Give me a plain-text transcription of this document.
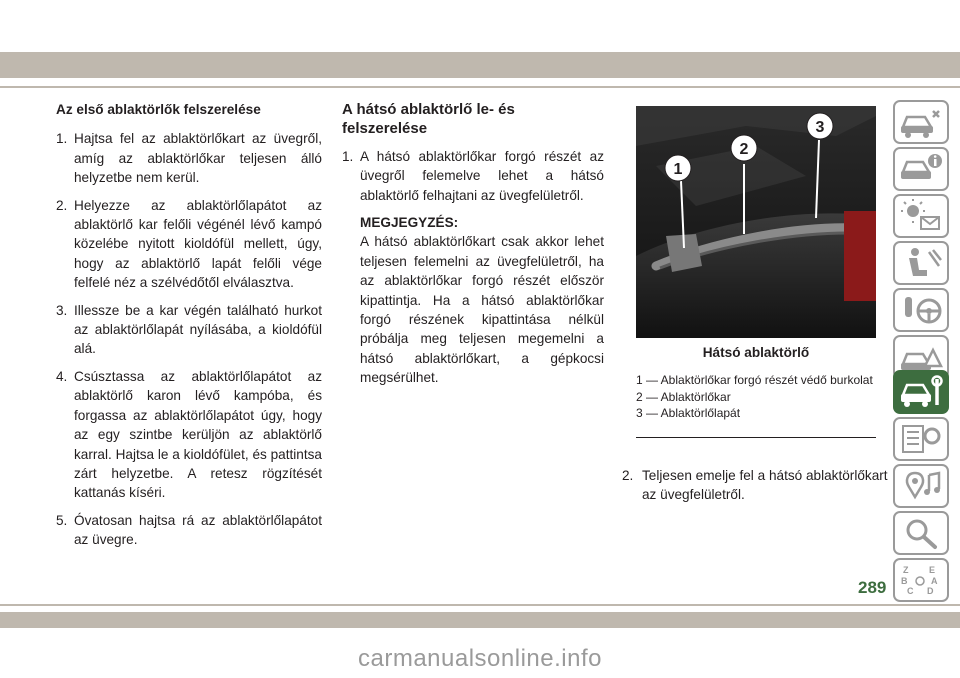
Az első ablaktörlők felszerelése
1. Hajtsa fel az ablaktörlőkart az üvegről, amíg az ablaktörlőkar teljesen álló helyzetbe nem kerül.
2. Helyezze az ablaktörlőlapátot az ablaktörlő kar felőli végénél lévő kampó közelébe nyitott kioldófül mellett, úgy, hogy az ablaktörlő lapát felőli vége felfelé néz a szélvédőtől elválasztva.
3. Illessze be a kar végén található hurkot az ablaktörlőlapát nyílásába, a kioldófül alá.
4. Csúsztassa az ablaktörlőlapátot az ablaktörlő karon lévő kampóba, és forgassa az ablaktörlőlapátot úgy, hogy az egy szintbe kerüljön az ablaktörlő karral. Hajtsa le a kioldófület, és pattintsa zárt helyzetbe. A retesz rögzítését kattanás kíséri.
5. Óvatosan hajtsa rá az ablaktörlőlapátot az üvegre.
A hátsó ablaktörlő le- és felszerelése
1. A hátsó ablaktörlőkar forgó részét az üvegről felemelve lehet a hátsó ablaktörlő felhajtani az üvegfelületről.
MEGJEGYZÉS:
A hátsó ablaktörlőkart csak akkor lehet teljesen felemelni az üvegfelületről, ha az ablaktörlőkar forgó részét először kipattintja. Ha a hátsó ablaktörlőkar forgó részének kipattintása nélkül próbálja meg teljesen megemelni a hátsó ablaktörlőkart, a gépkocsi megsérülhet.
1
2
3
Hátsó ablaktörlő
1 — Ablaktörlőkar forgó részét védő burkolat
2 — Ablaktörlőkar
3 — Ablaktörlőlapát
2. Teljesen emelje fel a hátsó ablaktörlőkart az üvegfelületről.
Z E
B	A
C D
289
carmanualsonline.info
